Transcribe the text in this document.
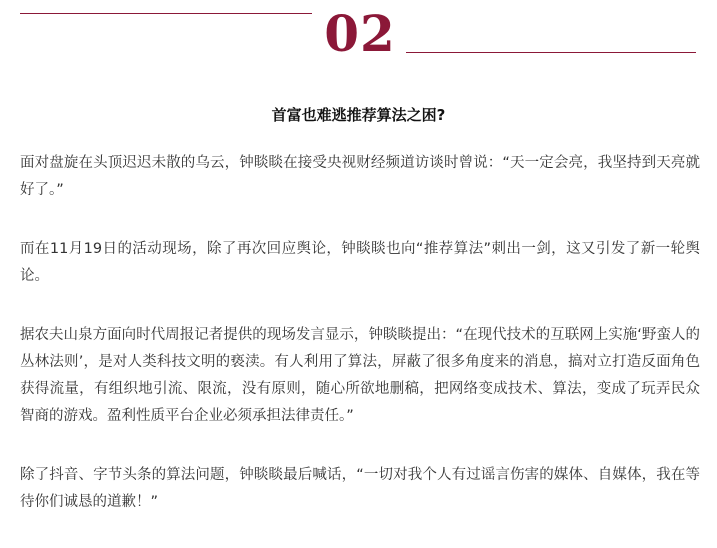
02
首富也难逃推荐算法之困?

面对盘旋在头顶迟迟未散的乌云，钟睒睒在接受央视财经频道访谈时曾说：“天一定会亮，我坚持到天亮就好了。”

而在11月19日的活动现场，除了再次回应舆论，钟睒睒也向“推荐算法”刺出一剑，这又引发了新一轮舆论。

据农夫山泉方面向时代周报记者提供的现场发言显示，钟睒睒提出：“在现代技术的互联网上实施‘野蛮人的丛林法则’，是对人类科技文明的亵渎。有人利用了算法，屏蔽了很多角度来的消息，搞对立打造反面角色获得流量，有组织地引流、限流，没有原则，随心所欲地删稿，把网络变成技术、算法，变成了玩弄民众智商的游戏。盈利性质平台企业必须承担法律责任。”

除了抖音、字节头条的算法问题，钟睒睒最后喊话，“一切对我个人有过谣言伤害的媒体、自媒体，我在等待你们诚恳的道歉！”
